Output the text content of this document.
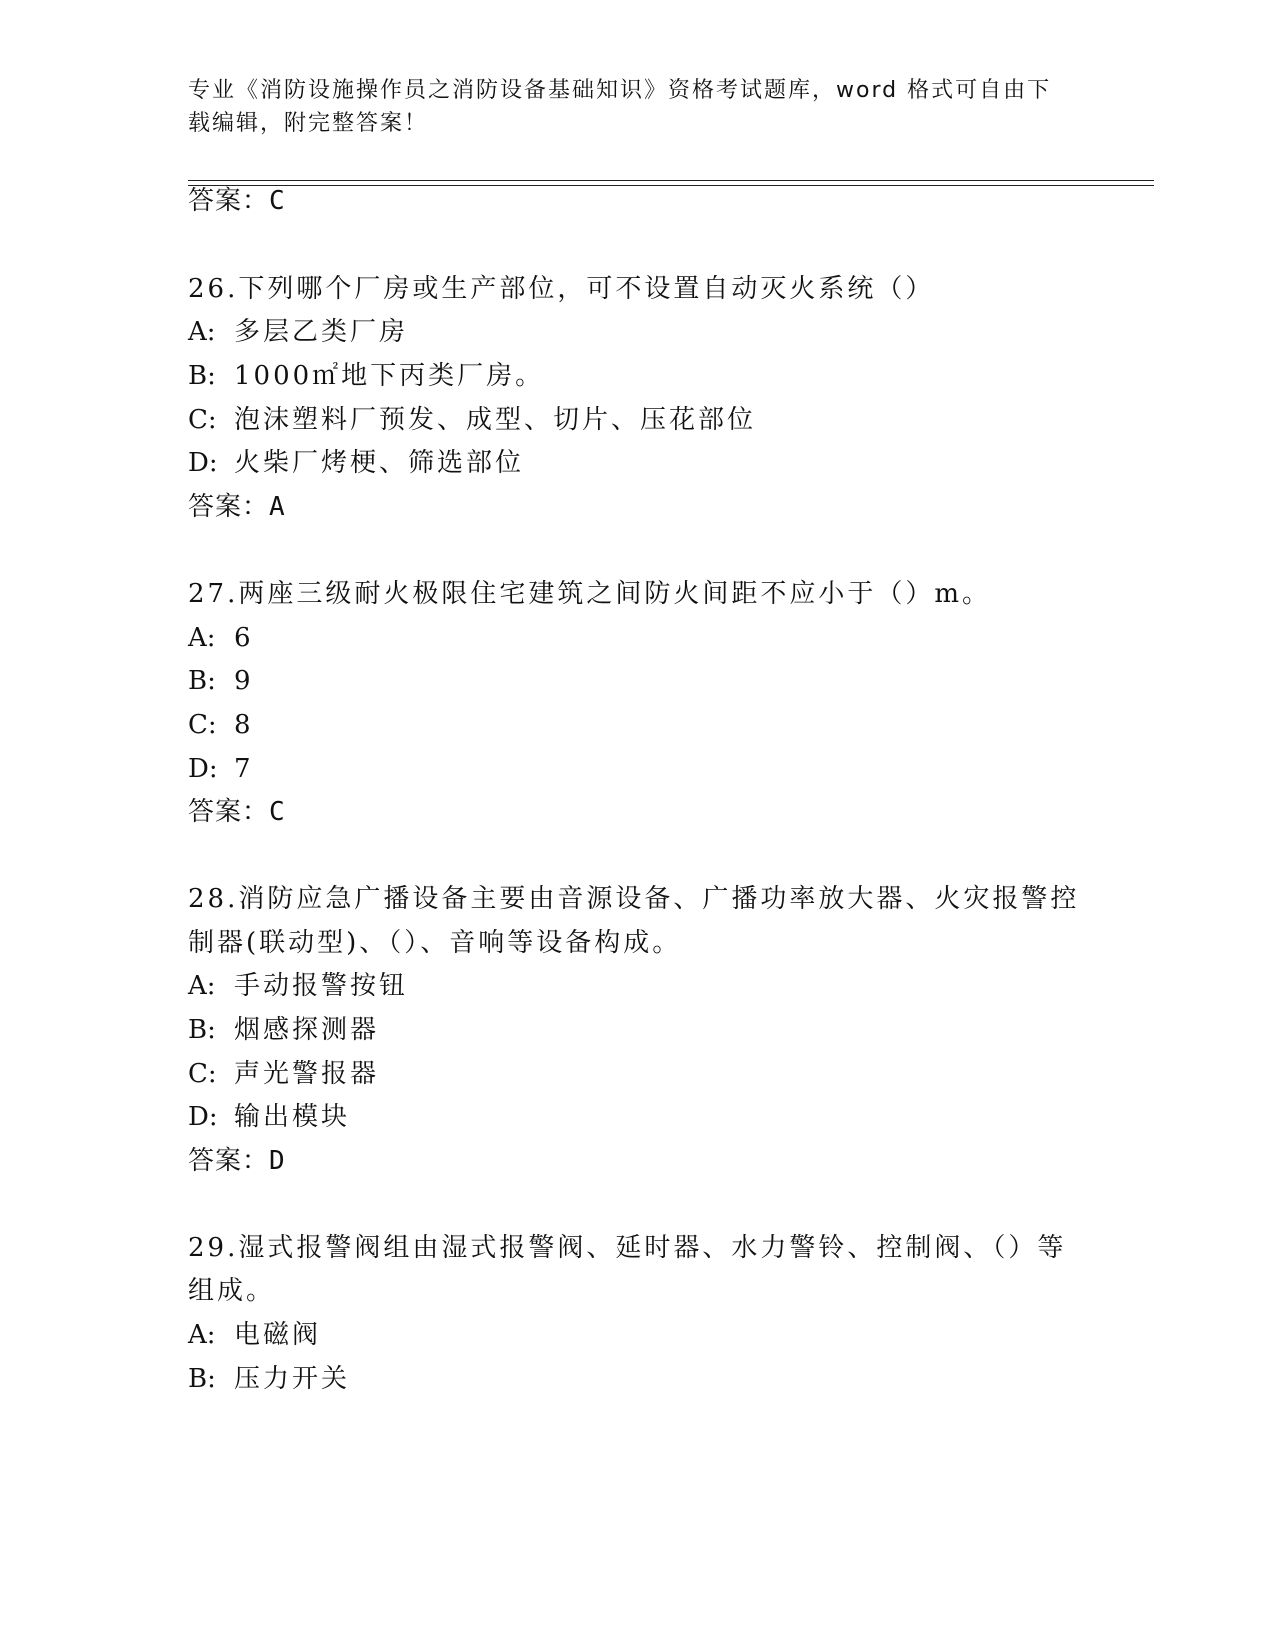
专业《消防设施操作员之消防设备基础知识》资格考试题库，word 格式可自由下载编辑，附完整答案！
答案：C
26.下列哪个厂房或生产部位，可不设置自动灭火系统（）
A: 多层乙类厂房
B: 1000㎡地下丙类厂房。
C: 泡沫塑料厂预发、成型、切片、压花部位
D: 火柴厂烤梗、筛选部位
答案：A
27.两座三级耐火极限住宅建筑之间防火间距不应小于（）m。
A: 6
B: 9
C: 8
D: 7
答案：C
28.消防应急广播设备主要由音源设备、广播功率放大器、火灾报警控
制器(联动型)、（）、音响等设备构成。
A: 手动报警按钮
B: 烟感探测器
C: 声光警报器
D: 输出模块
答案：D
29.湿式报警阀组由湿式报警阀、延时器、水力警铃、控制阀、（）等
组成。
A: 电磁阀
B: 压力开关
